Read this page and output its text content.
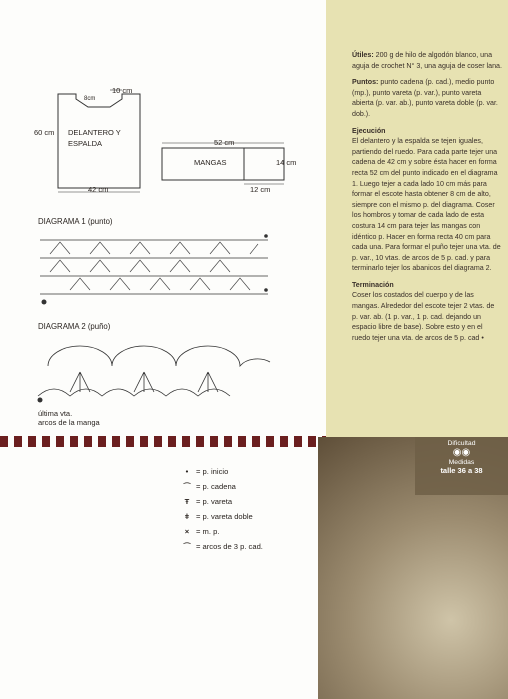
60 cm DELANTERO Y
ESPALDA
8cm
10 cm
42 cm
52 cm
MANGAS	14 cm
12 cm
DIAGRAMA 1 (punto)
DIAGRAMA 2 (puño)
última vta.
arcos de la manga
•	= p. inicio
⌒ = p. cadena
Ŧ = p. vareta
ǂ = p. vareta doble
× = m. p.
⌒ = arcos de 3 p. cad.

Útiles: 200 g de hilo de algodón blanco, una aguja de crochet N° 3, una aguja de coser lana.

Puntos: punto cadena (p. cad.), medio punto (mp.), punto vareta (p. var.), punto vareta abierta (p. var. ab.), punto vareta doble (p. var. dob.).

Ejecución

El delantero y la espalda se tejen iguales, partiendo del ruedo. Para cada parte tejer una cadena de 42 cm y sobre ésta hacer en forma recta 52 cm del punto indicado en el diagrama 1. Luego tejer a cada lado 10 cm más para formar el escote hasta obtener 8 cm de alto, siempre con el mismo p. del diagrama. Coser los hombros y tomar de cada lado de esta costura 14 cm para tejer las mangas con idéntico p. Hacer en forma recta 40 cm para cada una. Para formar el puño tejer una vta. de p. var., 10 vtas. de arcos de 5 p. cad. y para terminarlo tejer los abanicos del diagrama 2.

Terminación

Coser los costados del cuerpo y de las mangas. Alrededor del escote tejer 2 vtas. de p. var. ab. (1 p. var., 1 p. cad. dejando un espacio libre de base). Sobre esto y en el ruedo tejer una vta. de arcos de 5 p. cad •

Dificultad
◉◉
Medidas
talle 36 a 38
